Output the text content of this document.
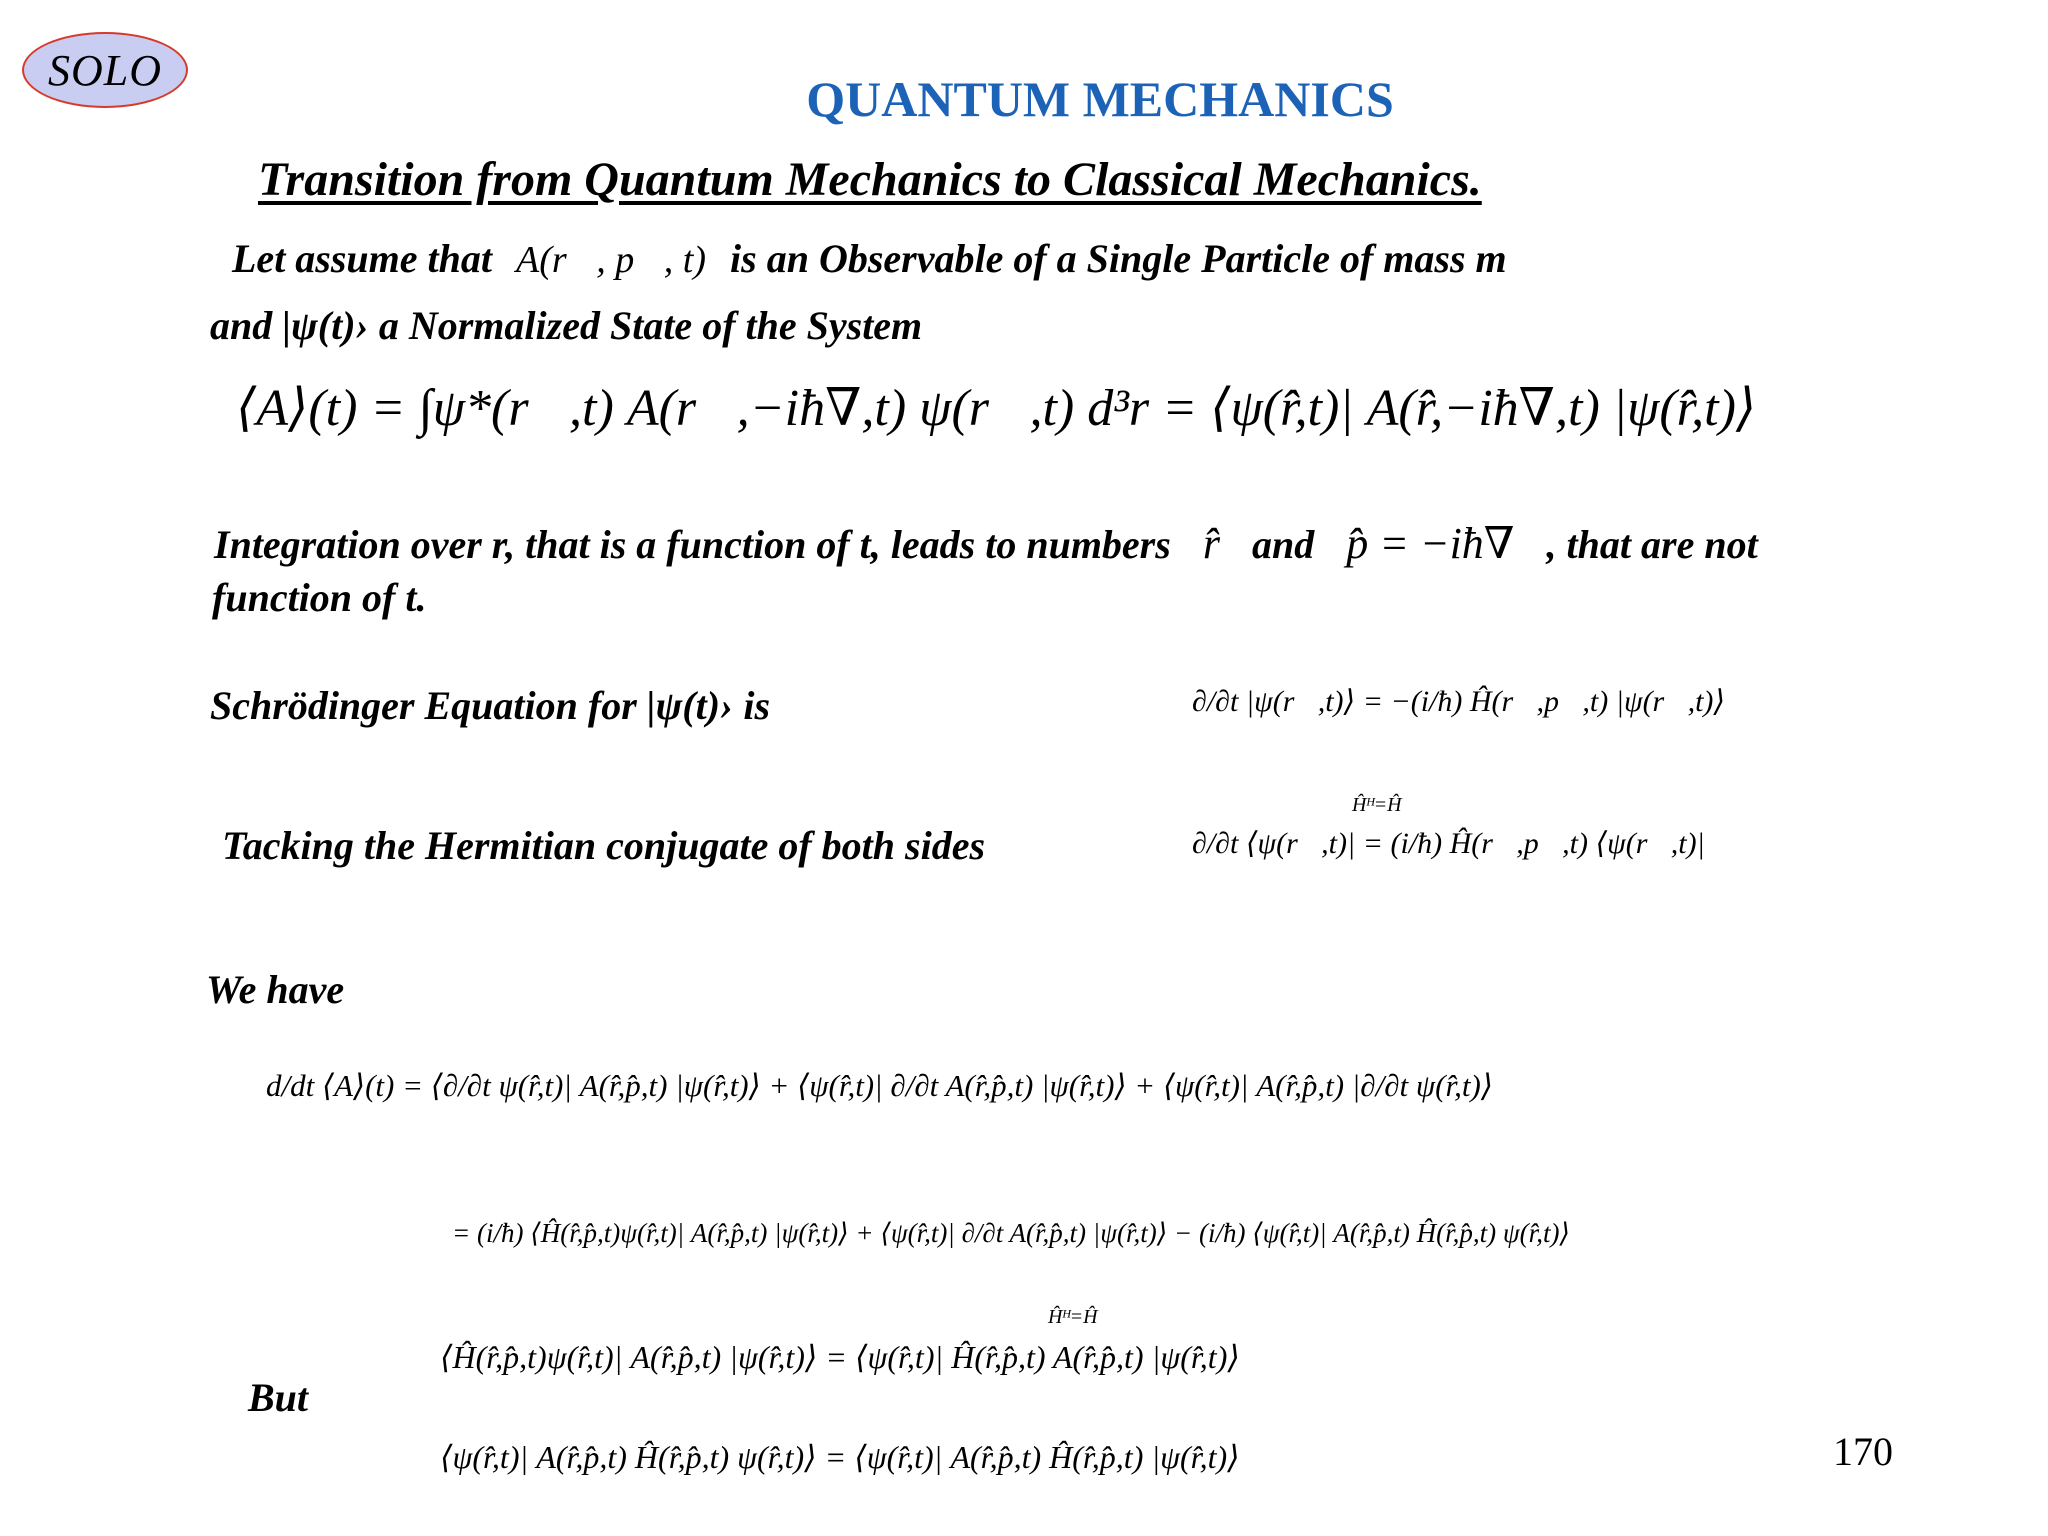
SOLO
QUANTUM MECHANICS
Transition from Quantum Mechanics to Classical Mechanics.
Let assume that A(r⃗, p⃗, t) is an Observable of a Single Particle of mass m
and |ψ(t)› a Normalized State of the System
⟨A⟩(t) = ∫ψ*(r⃗,t) A(r⃗,−iħ∇,t) ψ(r⃗,t) d³r = ⟨ψ(r̂,t)| A(r̂,−iħ∇,t) |ψ(r̂,t)⟩
Integration over r, that is a function of t, leads to numbers r̂ and p̂ = −iħ∇ , that are not
function of t.
Schrödinger Equation for |ψ(t)› is	∂/∂t |ψ(r⃗,t)⟩ = −(i/ħ) Ĥ(r⃗,p⃗,t) |ψ(r⃗,t)⟩
Tacking the Hermitian conjugate of both sides
Ĥᴴ=Ĥ
∂/∂t ⟨ψ(r⃗,t)| = (i/ħ) Ĥ(r⃗,p⃗,t) ⟨ψ(r⃗,t)|
We have
d/dt ⟨A⟩(t) = ⟨∂/∂t ψ(r̂,t)| A(r̂,p̂,t) |ψ(r̂,t)⟩ + ⟨ψ(r̂,t)| ∂/∂t A(r̂,p̂,t) |ψ(r̂,t)⟩ + ⟨ψ(r̂,t)| A(r̂,p̂,t) |∂/∂t ψ(r̂,t)⟩
= (i/ħ) ⟨Ĥ(r̂,p̂,t)ψ(r̂,t)| A(r̂,p̂,t) |ψ(r̂,t)⟩ + ⟨ψ(r̂,t)| ∂/∂t A(r̂,p̂,t) |ψ(r̂,t)⟩ − (i/ħ) ⟨ψ(r̂,t)| A(r̂,p̂,t) Ĥ(r̂,p̂,t) ψ(r̂,t)⟩
But
Ĥᴴ=Ĥ
⟨Ĥ(r̂,p̂,t)ψ(r̂,t)| A(r̂,p̂,t) |ψ(r̂,t)⟩ = ⟨ψ(r̂,t)| Ĥ(r̂,p̂,t) A(r̂,p̂,t) |ψ(r̂,t)⟩
⟨ψ(r̂,t)| A(r̂,p̂,t) Ĥ(r̂,p̂,t) ψ(r̂,t)⟩ = ⟨ψ(r̂,t)| A(r̂,p̂,t) Ĥ(r̂,p̂,t) |ψ(r̂,t)⟩	170
